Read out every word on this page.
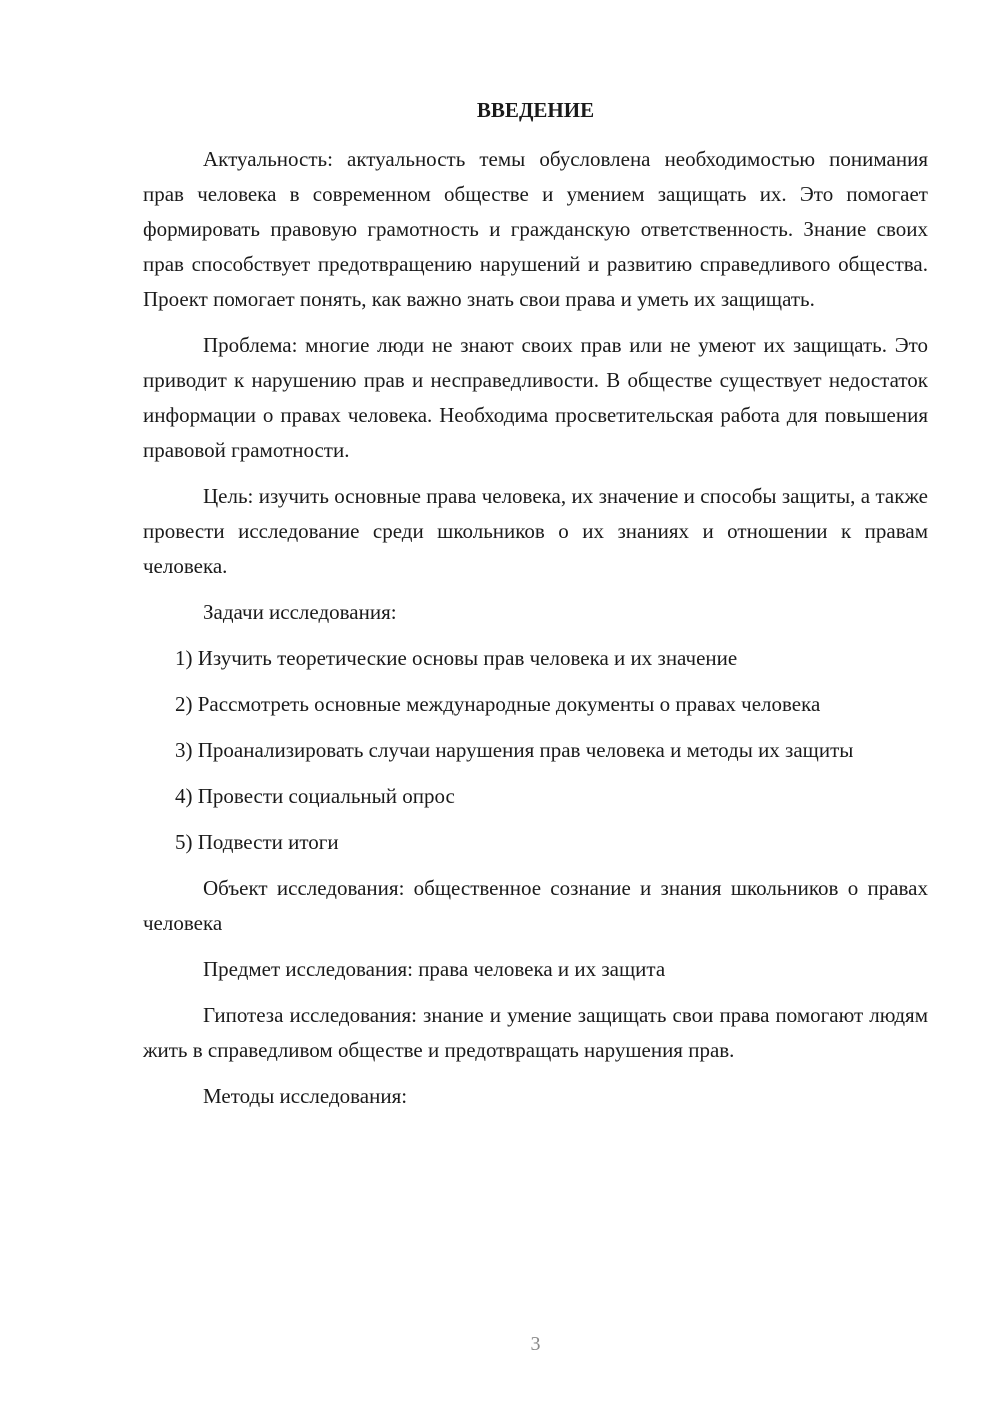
ВВЕДЕНИЕ

Актуальность: актуальность темы обусловлена необходимостью понимания прав человека в современном обществе и умением защищать их. Это помогает формировать правовую грамотность и гражданскую ответственность. Знание своих прав способствует предотвращению нарушений и развитию справедливого общества. Проект помогает понять, как важно знать свои права и уметь их защищать.

Проблема: многие люди не знают своих прав или не умеют их защищать. Это приводит к нарушению прав и несправедливости. В обществе существует недостаток информации о правах человека. Необходима просветительская работа для повышения правовой грамотности.

Цель: изучить основные права человека, их значение и способы защиты, а также провести исследование среди школьников о их знаниях и отношении к правам человека.

Задачи исследования:

1) Изучить теоретические основы прав человека и их значение

2) Рассмотреть основные международные документы о правах человека

3) Проанализировать случаи нарушения прав человека и методы их защиты

4) Провести социальный опрос

5) Подвести итоги

Объект исследования: общественное сознание и знания школьников о правах человека

Предмет исследования: права человека и их защита

Гипотеза исследования: знание и умение защищать свои права помогают людям жить в справедливом обществе и предотвращать нарушения прав.

Методы исследования:

3
